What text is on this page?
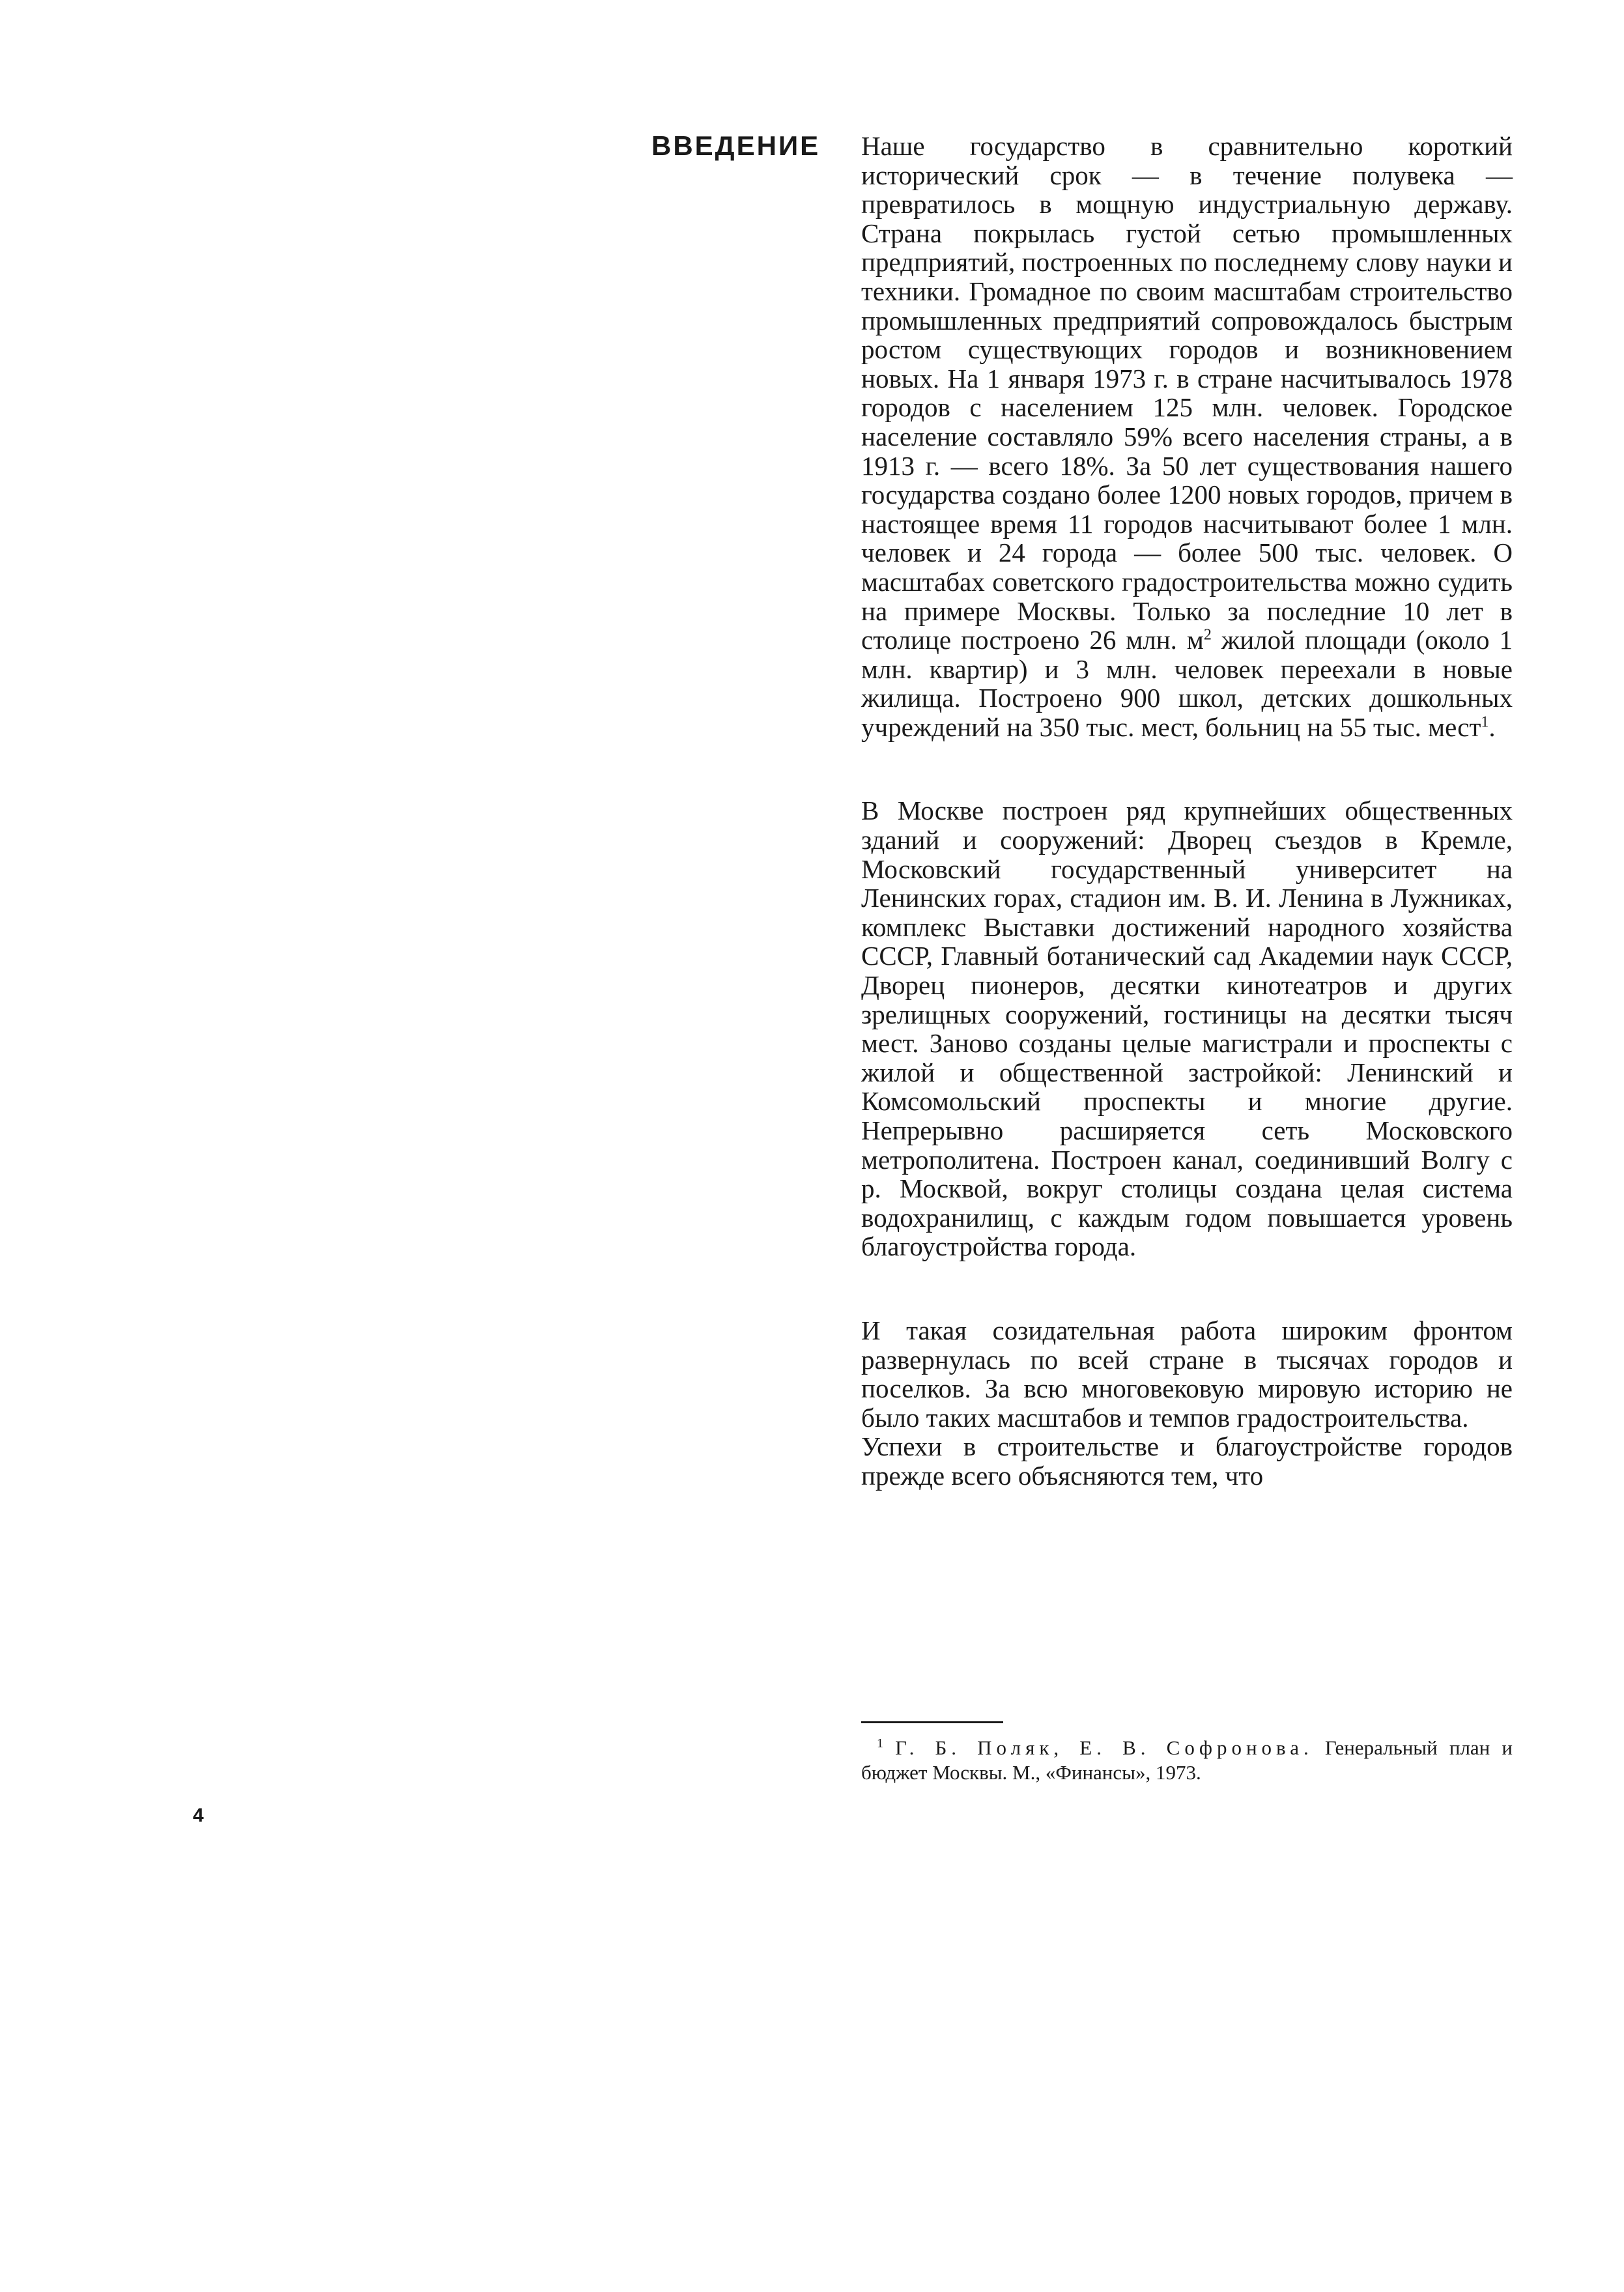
ВВЕДЕНИЕ Наше государство в сравнительно короткий исторический срок — в течение полувека — превратилось в мощную индустриальную державу. Страна покрылась густой сетью промышленных предприятий, построенных по последнему слову науки и техники. Громадное по своим масштабам строительство промышленных предприятий сопровождалось быстрым ростом существующих городов и возникновением новых. На 1 января 1973 г. в стране насчитывалось 1978 городов с населением 125 млн. человек. Городское население составляло 59% всего населения страны, а в 1913 г. — всего 18%. За 50 лет существования нашего государства создано более 1200 новых городов, причем в настоящее время 11 городов насчитывают более 1 млн. человек и 24 города — более 500 тыс. человек. О масштабах советского градостроительства можно судить на примере Москвы. Только за последние 10 лет в столице построено 26 млн. $м^2$ жилой площади (около 1 млн. квартир) и 3 млн. человек переехали в новые жилища. Построено 900 школ, детских дошкольных учреждений на 350 тыс. мест, больниц на 55 тыс. мест$^1$.

В Москве построен ряд крупнейших общественных зданий и сооружений: Дворец съездов в Кремле, Московский государственный университет на Ленинских горах, стадион им. В. И. Ленина в Лужниках, комплекс Выставки достижений народного хозяйства СССР, Главный ботанический сад Академии наук СССР, Дворец пионеров, десятки кинотеатров и других зрелищных сооружений, гостиницы на десятки тысяч мест. Заново созданы целые магистрали и проспекты с жилой и общественной застройкой: Ленинский и Комсомольский проспекты и многие другие. Непрерывно расширяется сеть Московского метрополитена. Построен канал, соединивший Волгу с р. Москвой, вокруг столицы создана целая система водохранилищ, с каждым годом повышается уровень благоустройства города.

И такая созидательная работа широким фронтом развернулась по всей стране в тысячах городов и поселков. За всю многовековую мировую историю не было таких масштабов и темпов градостроительства.

Успехи в строительстве и благоустройстве городов прежде всего объясняются тем, что

$^1$ Г. Б. Поляк, Е. В. Софронова. Генеральный план и бюджет Москвы. М., «Финансы», 1973.

4
